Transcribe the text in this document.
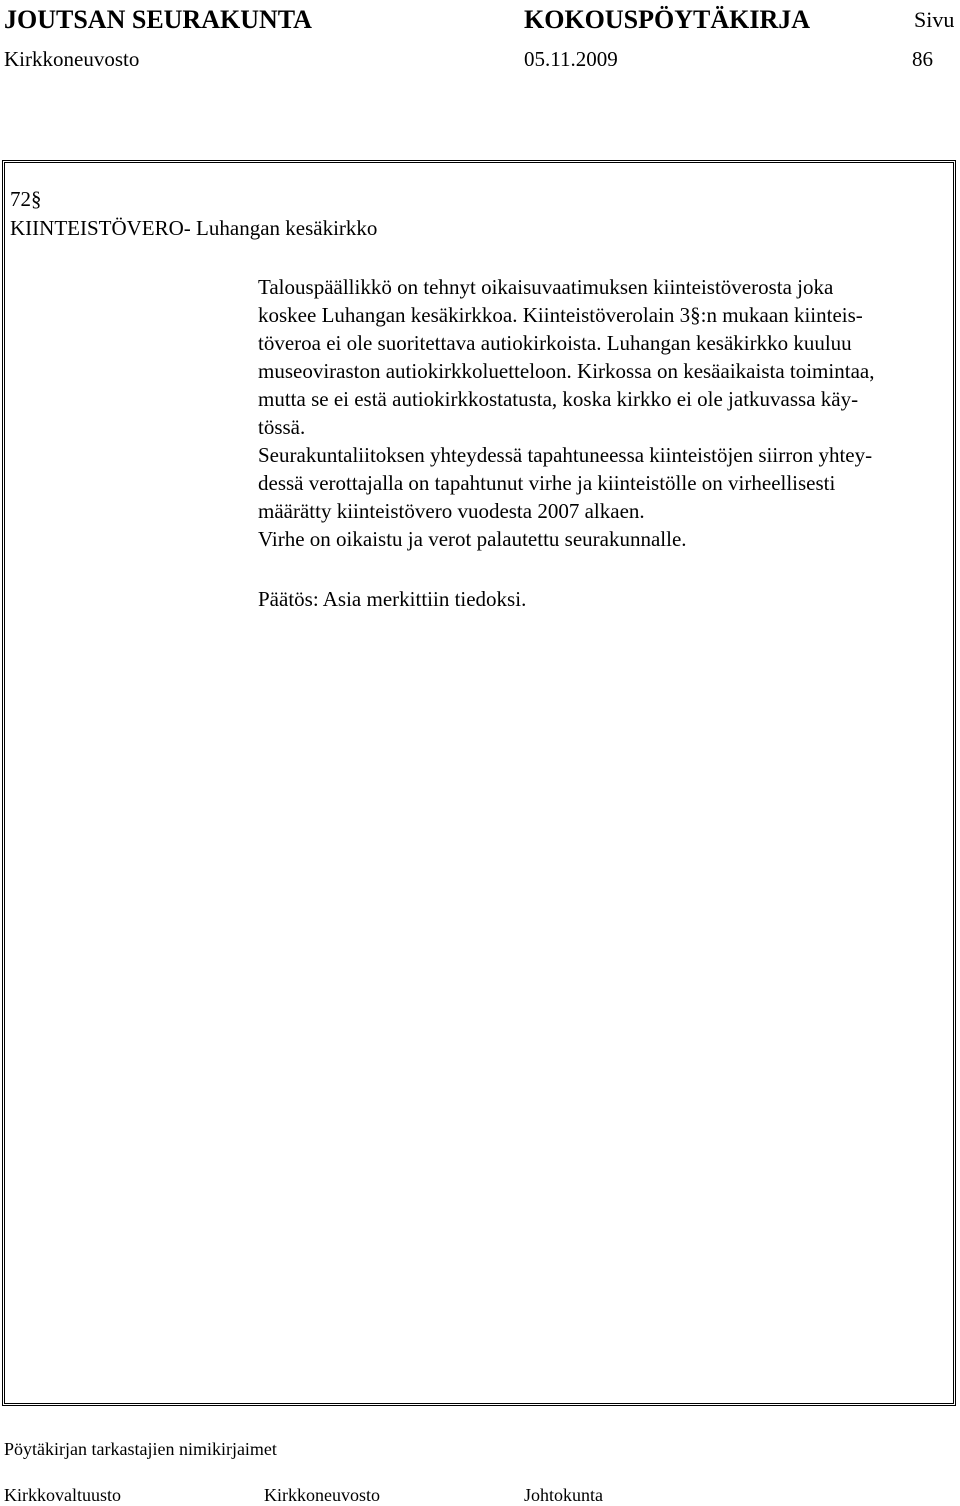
JOUTSAN SEURAKUNTA	KOKOUSPÖYTÄKIRJA	Sivu
Kirkkoneuvosto	05.11.2009	86
72§
KIINTEISTÖVERO- Luhangan kesäkirkko
Talouspäällikkö on tehnyt oikaisuvaatimuksen kiinteistöverosta joka
koskee Luhangan kesäkirkkoa. Kiinteistöverolain 3§:n mukaan kiinteis-
töveroa ei ole suoritettava autiokirkoista. Luhangan kesäkirkko kuuluu
museoviraston autiokirkkoluetteloon. Kirkossa on kesäaikaista toimintaa,
mutta se ei estä autiokirkkostatusta, koska kirkko ei ole jatkuvassa käy-
tössä.
Seurakuntaliitoksen yhteydessä tapahtuneessa kiinteistöjen siirron yhtey-
dessä verottajalla on tapahtunut virhe ja kiinteistölle on virheellisesti
määrätty kiinteistövero vuodesta 2007 alkaen.
Virhe on oikaistu ja verot palautettu seurakunnalle.
Päätös: Asia merkittiin tiedoksi.
Pöytäkirjan tarkastajien nimikirjaimet
Kirkkovaltuusto	Kirkkoneuvosto	Johtokunta
